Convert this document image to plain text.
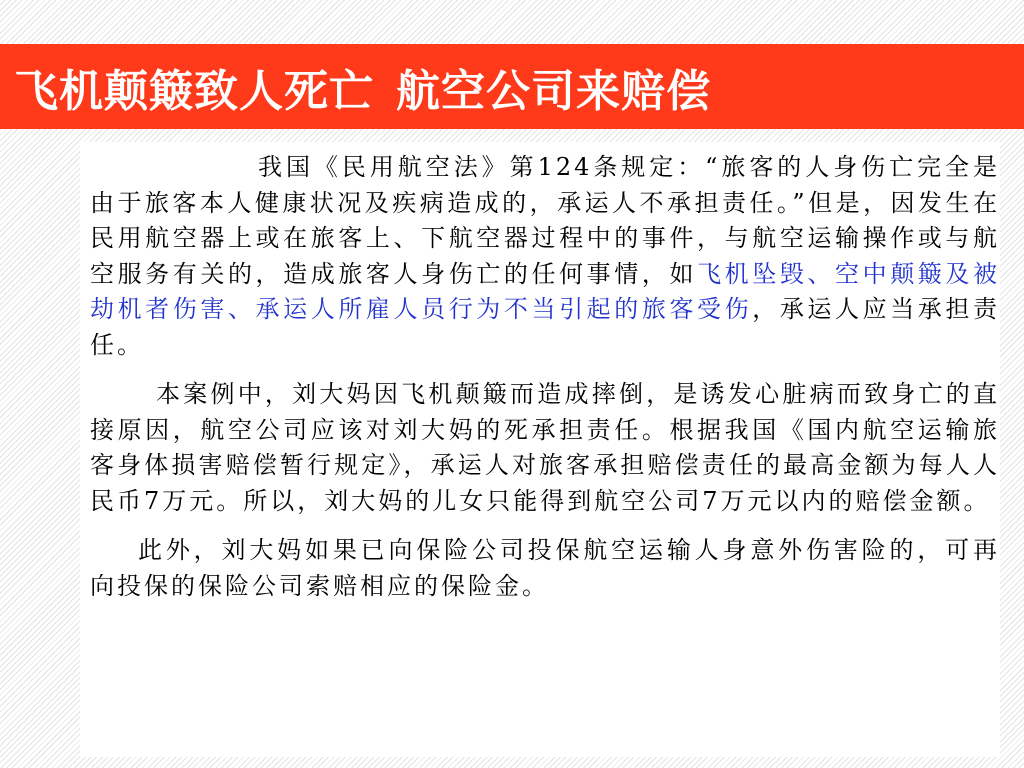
飞机颠簸致人死亡 航空公司来赔偿

我国《民用航空法》第124条规定：“旅客的人身伤亡完全是由于旅客本人健康状况及疾病造成的，承运人不承担责任。”但是，因发生在民用航空器上或在旅客上、下航空器过程中的事件，与航空运输操作或与航空服务有关的，造成旅客人身伤亡的任何事情，如飞机坠毁、空中颠簸及被劫机者伤害、承运人所雇人员行为不当引起的旅客受伤，承运人应当承担责任。

本案例中，刘大妈因飞机颠簸而造成摔倒，是诱发心脏病而致身亡的直接原因，航空公司应该对刘大妈的死承担责任。根据我国《国内航空运输旅客身体损害赔偿暂行规定》，承运人对旅客承担赔偿责任的最高金额为每人人民币7万元。所以，刘大妈的儿女只能得到航空公司7万元以内的赔偿金额。

此外，刘大妈如果已向保险公司投保航空运输人身意外伤害险的，可再向投保的保险公司索赔相应的保险金。
